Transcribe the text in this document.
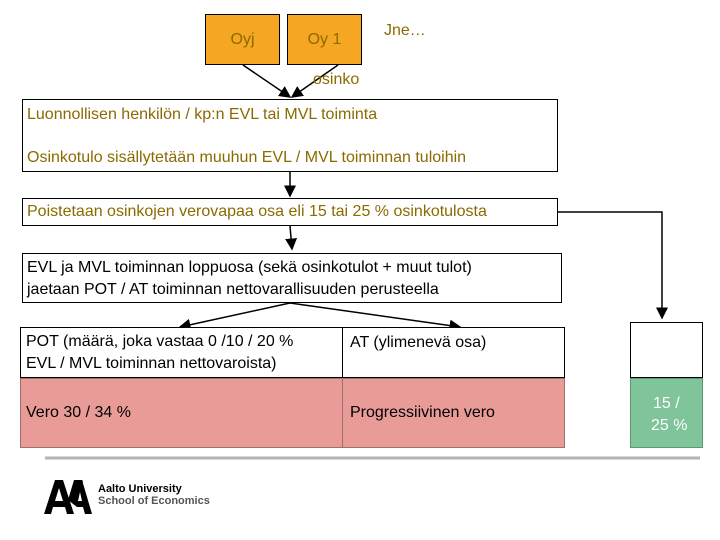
Oyj	Oy 1	Jne…
osinko
Luonnollisen henkilön / kp:n EVL tai MVL toiminta
Osinkotulo sisällytetään muuhun EVL / MVL toiminnan tuloihin
Poistetaan osinkojen verovapaa osa eli 15 tai 25 % osinkotulosta
EVL ja MVL toiminnan loppuosa (sekä osinkotulot + muut tulot)
jaetaan POT / AT toiminnan nettovarallisuuden perusteella
POT (määrä, joka vastaa 0 /10 / 20 %
EVL / MVL toiminnan nettovaroista)
AT (ylimenevä osa)
Vero 30 / 34 %	Progressiivinen vero
15 /
25 %
! Aalto University
School of Economics
